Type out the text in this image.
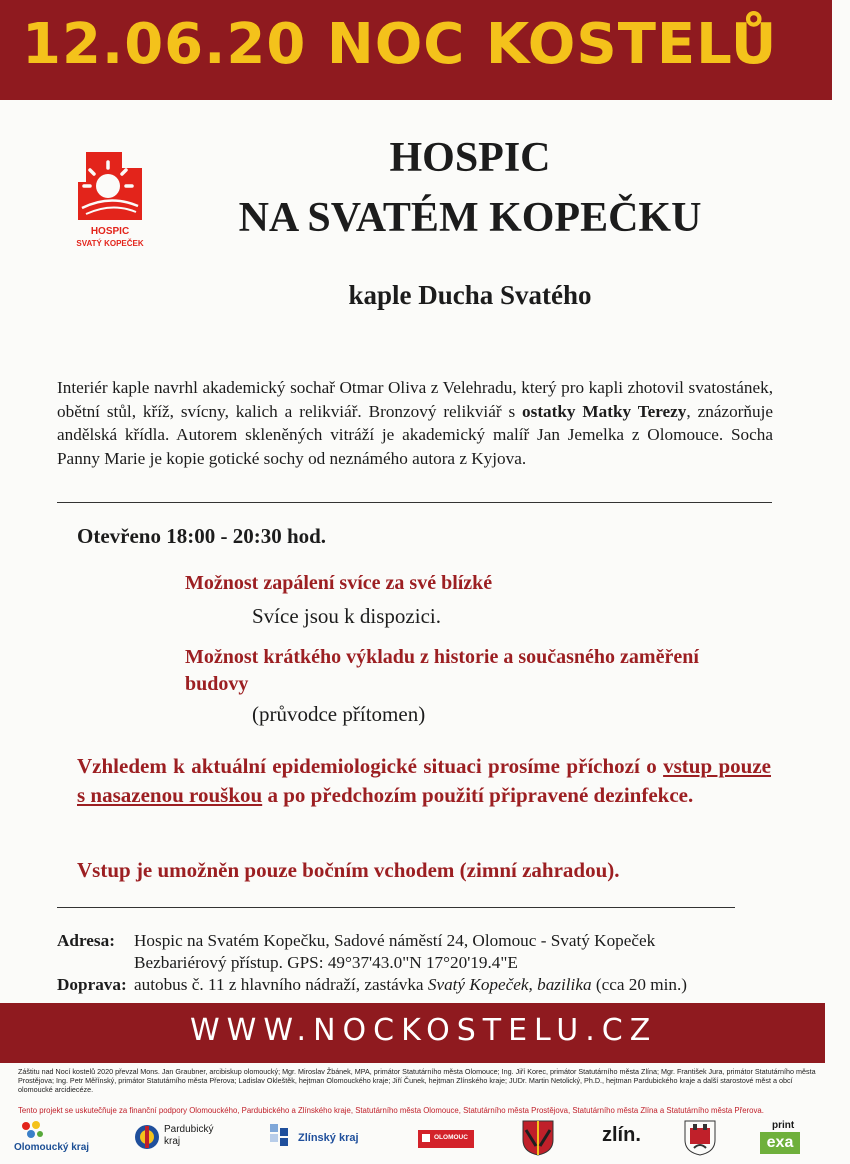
12.06.20 NOC KOSTELŮ
HOSPIC
SVATÝ KOPEČEK
HOSPIC
NA SVATÉM KOPEČKU
kaple Ducha Svatého
Interiér kaple navrhl akademický sochař Otmar Oliva z Velehradu, který pro kapli zhotovil svatostánek, obětní stůl, kříž, svícny, kalich a relikviář. Bronzový relikviář s ostatky Matky Terezy, znázorňuje andělská křídla. Autorem skleněných vitráží je akademický malíř Jan Jemelka z Olomouce. Socha Panny Marie je kopie gotické sochy od neznámého autora z Kyjova.
Otevřeno 18:00 - 20:30 hod.
Možnost zapálení svíce za své blízké
Svíce jsou k dispozici.
Možnost krátkého výkladu z historie a současného zaměření budovy
(průvodce přítomen)
Vzhledem k aktuální epidemiologické situaci prosíme příchozí o vstup pouze s nasazenou rouškou a po předchozím použití připravené dezinfekce.
Vstup je umožněn pouze bočním vchodem (zimní zahradou).
Adresa: Hospic na Svatém Kopečku, Sadové náměstí 24, Olomouc - Svatý Kopeček
Bezbariérový přístup. GPS: 49°37'43.0"N 17°20'19.4"E
Doprava: autobus č. 11 z hlavního nádraží, zastávka Svatý Kopeček, bazilika (cca 20 min.)
WWW.NOCKOSTELU.CZ
Záštitu nad Nocí kostelů 2020 převzal Mons. Jan Graubner, arcibiskup olomoucký; Mgr. Miroslav Žbánek, MPA, primátor Statutárního města Olomouce; Ing. Jiří Korec, primátor Statutárního města Zlína; Mgr. František Jura, primátor Statutárního města Prostějova; Ing. Petr Měřínský, primátor Statutárního města Přerova; Ladislav Okleštěk, hejtman Olomouckého kraje; Jiří Čunek, hejtman Zlínského kraje; JUDr. Martin Netolický, Ph.D., hejtman Pardubického kraje a další starostové měst a obcí olomoucké arcidiecéze.
Tento projekt se uskutečňuje za finanční podpory Olomouckého, Pardubického a Zlínského kraje, Statutárního města Olomouce, Statutárního města Prostějova, Statutárního města Zlína a Statutárního města Přerova.
Olomoucký kraj
Pardubický
kraj	Zlínský kraj	OLOMOUC	zlín.	print
exa
